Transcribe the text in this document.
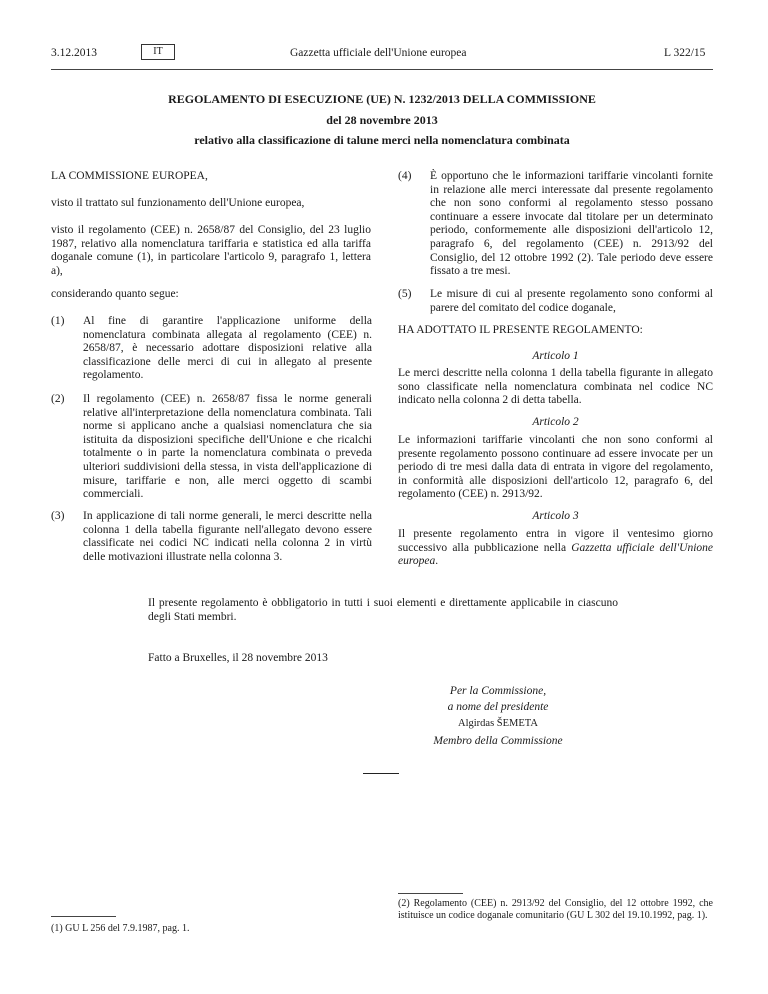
3.12.2013	IT	Gazzetta ufficiale dell'Unione europea	L 322/15
REGOLAMENTO DI ESECUZIONE (UE) N. 1232/2013 DELLA COMMISSIONE
del 28 novembre 2013
relativo alla classificazione di talune merci nella nomenclatura combinata
LA COMMISSIONE EUROPEA,
visto il trattato sul funzionamento dell'Unione europea,
visto il regolamento (CEE) n. 2658/87 del Consiglio, del 23 luglio 1987, relativo alla nomenclatura tariffaria e statistica ed alla tariffa doganale comune (1), in particolare l'articolo 9, paragrafo 1, lettera a),
considerando quanto segue:
(1) Al fine di garantire l'applicazione uniforme della nomenclatura combinata allegata al regolamento (CEE) n. 2658/87, è necessario adottare disposizioni relative alla classificazione delle merci di cui in allegato al presente regolamento.
(2) Il regolamento (CEE) n. 2658/87 fissa le norme generali relative all'interpretazione della nomenclatura combinata. Tali norme si applicano anche a qualsiasi nomenclatura che sia istituita da disposizioni specifiche dell'Unione e che ricalchi totalmente o in parte la nomenclatura combinata o preveda ulteriori suddivisioni della stessa, in vista dell'applicazione di misure, tariffarie e non, alle merci oggetto di scambi commerciali.
(3) In applicazione di tali norme generali, le merci descritte nella colonna 1 della tabella figurante nell'allegato devono essere classificate nei codici NC indicati nella colonna 2 in virtù delle motivazioni illustrate nella colonna 3.
(4) È opportuno che le informazioni tariffarie vincolanti fornite in relazione alle merci interessate dal presente regolamento che non sono conformi al regolamento stesso possano continuare a essere invocate dal titolare per un determinato periodo, conformemente alle disposizioni dell'articolo 12, paragrafo 6, del regolamento (CEE) n. 2913/92 del Consiglio, del 12 ottobre 1992 (2). Tale periodo deve essere fissato a tre mesi.
(5) Le misure di cui al presente regolamento sono conformi al parere del comitato del codice doganale,
HA ADOTTATO IL PRESENTE REGOLAMENTO:
Articolo 1
Le merci descritte nella colonna 1 della tabella figurante in allegato sono classificate nella nomenclatura combinata nel codice NC indicato nella colonna 2 di detta tabella.
Articolo 2
Le informazioni tariffarie vincolanti che non sono conformi al presente regolamento possono continuare ad essere invocate per un periodo di tre mesi dalla data di entrata in vigore del regolamento, in conformità alle disposizioni dell'articolo 12, paragrafo 6, del regolamento (CEE) n. 2913/92.
Articolo 3
Il presente regolamento entra in vigore il ventesimo giorno successivo alla pubblicazione nella Gazzetta ufficiale dell'Unione europea.
Il presente regolamento è obbligatorio in tutti i suoi elementi e direttamente applicabile in ciascuno degli Stati membri.
Fatto a Bruxelles, il 28 novembre 2013
Per la Commissione,
a nome del presidente
Algirdas ŠEMETA
Membro della Commissione
(1) GU L 256 del 7.9.1987, pag. 1.
(2) Regolamento (CEE) n. 2913/92 del Consiglio, del 12 ottobre 1992, che istituisce un codice doganale comunitario (GU L 302 del 19.10.1992, pag. 1).
